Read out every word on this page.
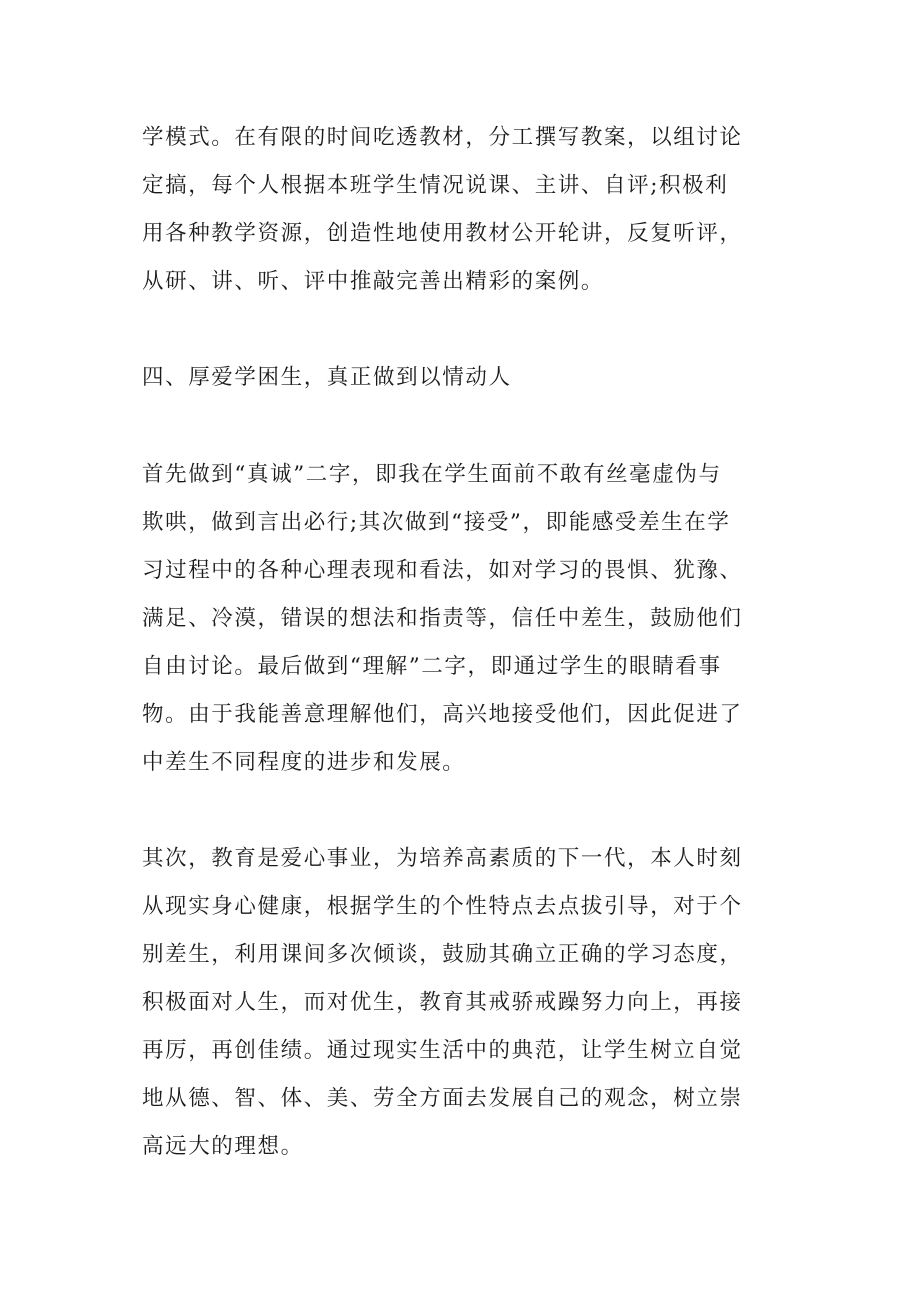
学模式。在有限的时间吃透教材，分工撰写教案，以组讨论
定搞，每个人根据本班学生情况说课、主讲、自评;积极利
用各种教学资源，创造性地使用教材公开轮讲，反复听评，
从研、讲、听、评中推敲完善出精彩的案例。
四、厚爱学困生，真正做到以情动人
首先做到“真诚”二字，即我在学生面前不敢有丝毫虚伪与
欺哄，做到言出必行;其次做到“接受”，即能感受差生在学
习过程中的各种心理表现和看法，如对学习的畏惧、犹豫、
满足、冷漠，错误的想法和指责等，信任中差生，鼓励他们
自由讨论。最后做到“理解”二字，即通过学生的眼睛看事
物。由于我能善意理解他们，高兴地接受他们，因此促进了
中差生不同程度的进步和发展。
其次，教育是爱心事业，为培养高素质的下一代，本人时刻
从现实身心健康，根据学生的个性特点去点拔引导，对于个
别差生，利用课间多次倾谈，鼓励其确立正确的学习态度，
积极面对人生，而对优生，教育其戒骄戒躁努力向上，再接
再厉，再创佳绩。通过现实生活中的典范，让学生树立自觉
地从德、智、体、美、劳全方面去发展自己的观念，树立崇
高远大的理想。
